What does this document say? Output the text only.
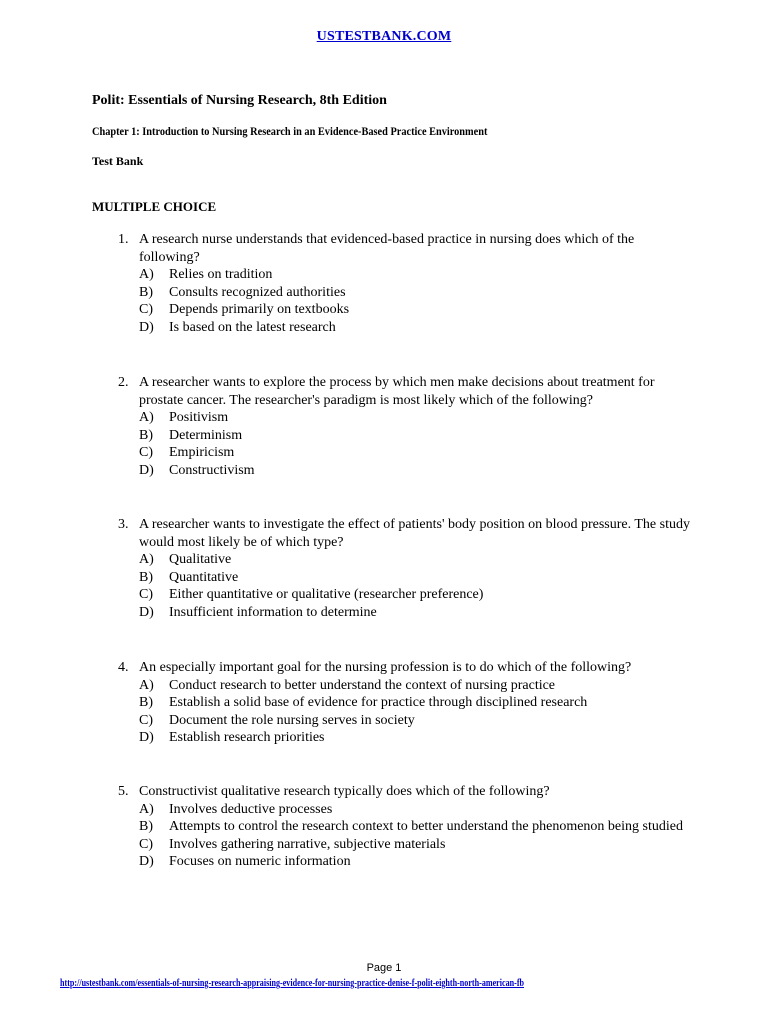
USTESTBANK.COM
Polit: Essentials of Nursing Research, 8th Edition
Chapter 1: Introduction to Nursing Research in an Evidence-Based Practice Environment
Test Bank
MULTIPLE CHOICE
1. A research nurse understands that evidenced-based practice in nursing does which of the following?
A)	Relies on tradition
B)	Consults recognized authorities
C)	Depends primarily on textbooks
D)	Is based on the latest research
2. A researcher wants to explore the process by which men make decisions about treatment for prostate cancer. The researcher's paradigm is most likely which of the following?
A)	Positivism
B)	Determinism
C)	Empiricism
D)	Constructivism
3. A researcher wants to investigate the effect of patients' body position on blood pressure. The study would most likely be of which type?
A)	Qualitative
B)	Quantitative
C)	Either quantitative or qualitative (researcher preference)
D)	Insufficient information to determine
4. An especially important goal for the nursing profession is to do which of the following?
A)	Conduct research to better understand the context of nursing practice
B)	Establish a solid base of evidence for practice through disciplined research
C)	Document the role nursing serves in society
D)	Establish research priorities
5. Constructivist qualitative research typically does which of the following?
A)	Involves deductive processes
B)	Attempts to control the research context to better understand the phenomenon being studied
C)	Involves gathering narrative, subjective materials
D)	Focuses on numeric information
Page 1
http://ustestbank.com/essentials-of-nursing-research-appraising-evidence-for-nursing-practice-denise-f-polit-eighth-north-american-fb
